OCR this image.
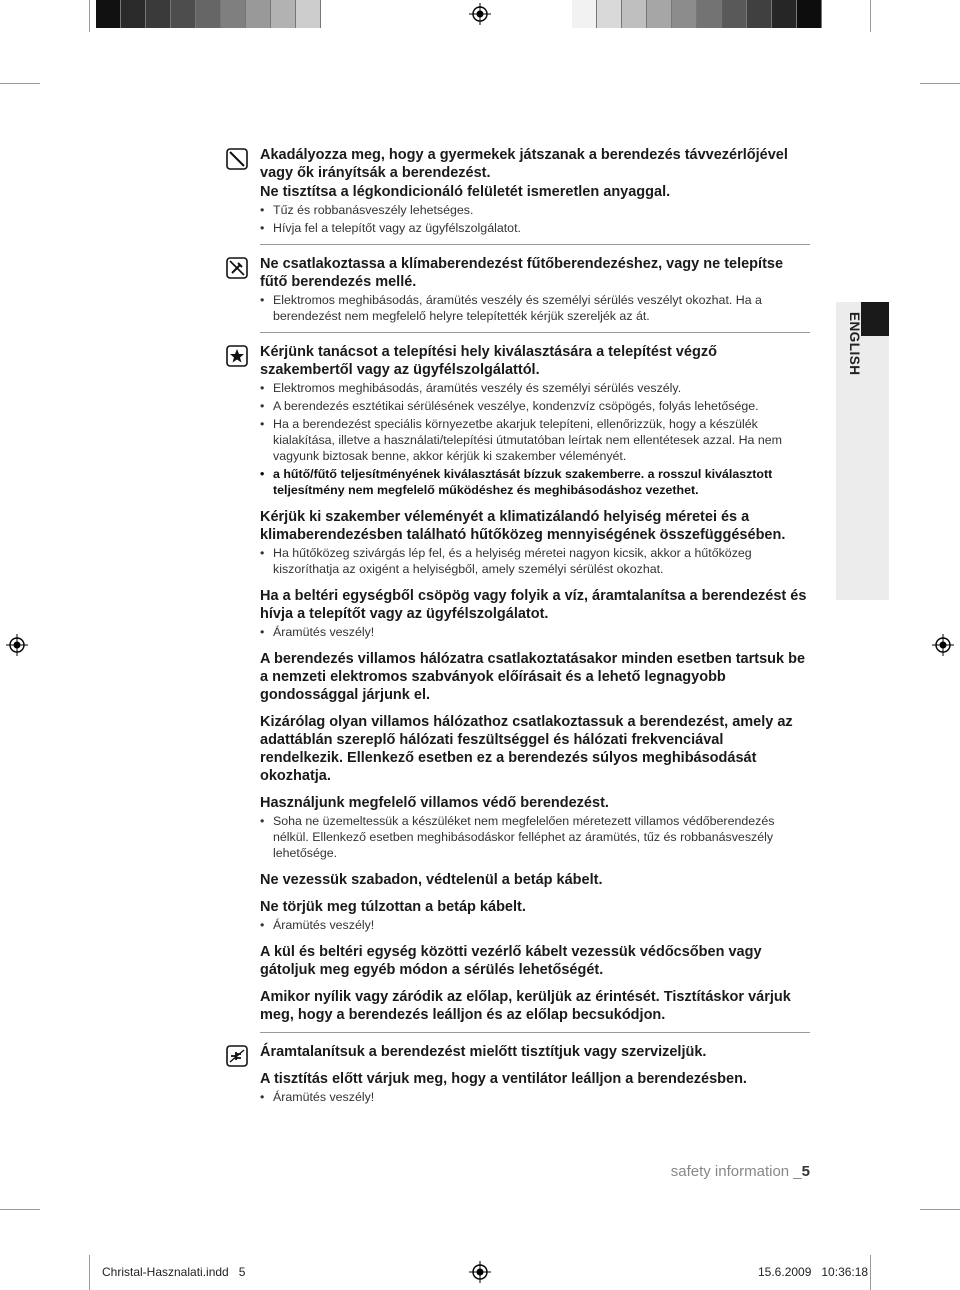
Akadályozza meg, hogy a gyermekek játszanak a berendezés távvezérlőjével vagy ők irányítsák a berendezést.
Ne tisztítsa a légkondicionáló felületét ismeretlen anyaggal.
• Tűz és robbanásveszély lehetséges.
• Hívja fel a telepítőt vagy az ügyfélszolgálatot.
Ne csatlakoztassa a klímaberendezést fűtőberendezéshez, vagy ne telepítse fűtő berendezés mellé.
• Elektromos meghibásodás, áramütés veszély és személyi sérülés veszélyt okozhat. Ha a berendezést nem megfelelő helyre telepítették kérjük szereljék az át.
Kérjünk tanácsot a telepítési hely kiválasztására a telepítést végző szakembertől vagy az ügyfélszolgálattól.
• Elektromos meghibásodás, áramütés veszély és személyi sérülés veszély.
• A berendezés esztétikai sérülésének veszélye, kondenzvíz csöpögés, folyás lehetősége.
• Ha a berendezést speciális környezetbe akarjuk telepíteni, ellenőrizzük, hogy a készülék kialakítása, illetve a használati/telepítési útmutatóban leírtak nem ellentétesek azzal. Ha nem vagyunk biztosak benne, akkor kérjük ki szakember véleményét.
• a hűtő/fűtő teljesítményének kiválasztását bízzuk szakemberre. a rosszul kiválasztott teljesítmény nem megfelelő működéshez és meghibásodáshoz vezethet.
Kérjük ki szakember véleményét a klimatizálandó helyiség méretei és a klimaberendezésben található hűtőközeg mennyiségének összefüggésében.
• Ha hűtőközeg szivárgás lép fel, és a helyiség méretei nagyon kicsik, akkor a hűtőközeg kiszoríthatja az oxigént a helyiségből, amely személyi sérülést okozhat.
Ha a beltéri egységből csöpög vagy folyik a víz, áramtalanítsa a berendezést és hívja a telepítőt vagy az ügyfélszolgálatot.
• Áramütés veszély!
A berendezés villamos hálózatra csatlakoztatásakor minden esetben tartsuk be a nemzeti elektromos szabványok előírásait és a lehető legnagyobb gondossággal járjunk el.
Kizárólag olyan villamos hálózathoz csatlakoztassuk a berendezést, amely az adattáblán szereplő hálózati feszültséggel és hálózati frekvenciával rendelkezik. Ellenkező esetben ez a berendezés súlyos meghibásodását okozhatja.
Használjunk megfelelő villamos védő berendezést.
• Soha ne üzemeltessük a készüléket nem megfelelően méretezett villamos védőberendezés nélkül. Ellenkező esetben meghibásodáskor felléphet az áramütés, tűz és robbanásveszély lehetősége.
Ne vezessük szabadon, védtelenül a betáp kábelt.
Ne törjük meg túlzottan a betáp kábelt.
• Áramütés veszély!
A kül és beltéri egység közötti vezérlő kábelt vezessük védőcsőben vagy gátoljuk meg egyéb módon a sérülés lehetőségét.
Amikor nyílik vagy záródik az előlap, kerüljük az érintését. Tisztításkor várjuk meg, hogy a berendezés leálljon és az előlap becsukódjon.
Áramtalanítsuk a berendezést mielőtt tisztítjuk vagy szervizeljük.
A tisztítás előtt várjuk meg, hogy a ventilátor leálljon a berendezésben.
• Áramütés veszély!
ENGLISH
safety information _5
Christal-Hasznalati.indd   5	15.6.2009   10:36:18
